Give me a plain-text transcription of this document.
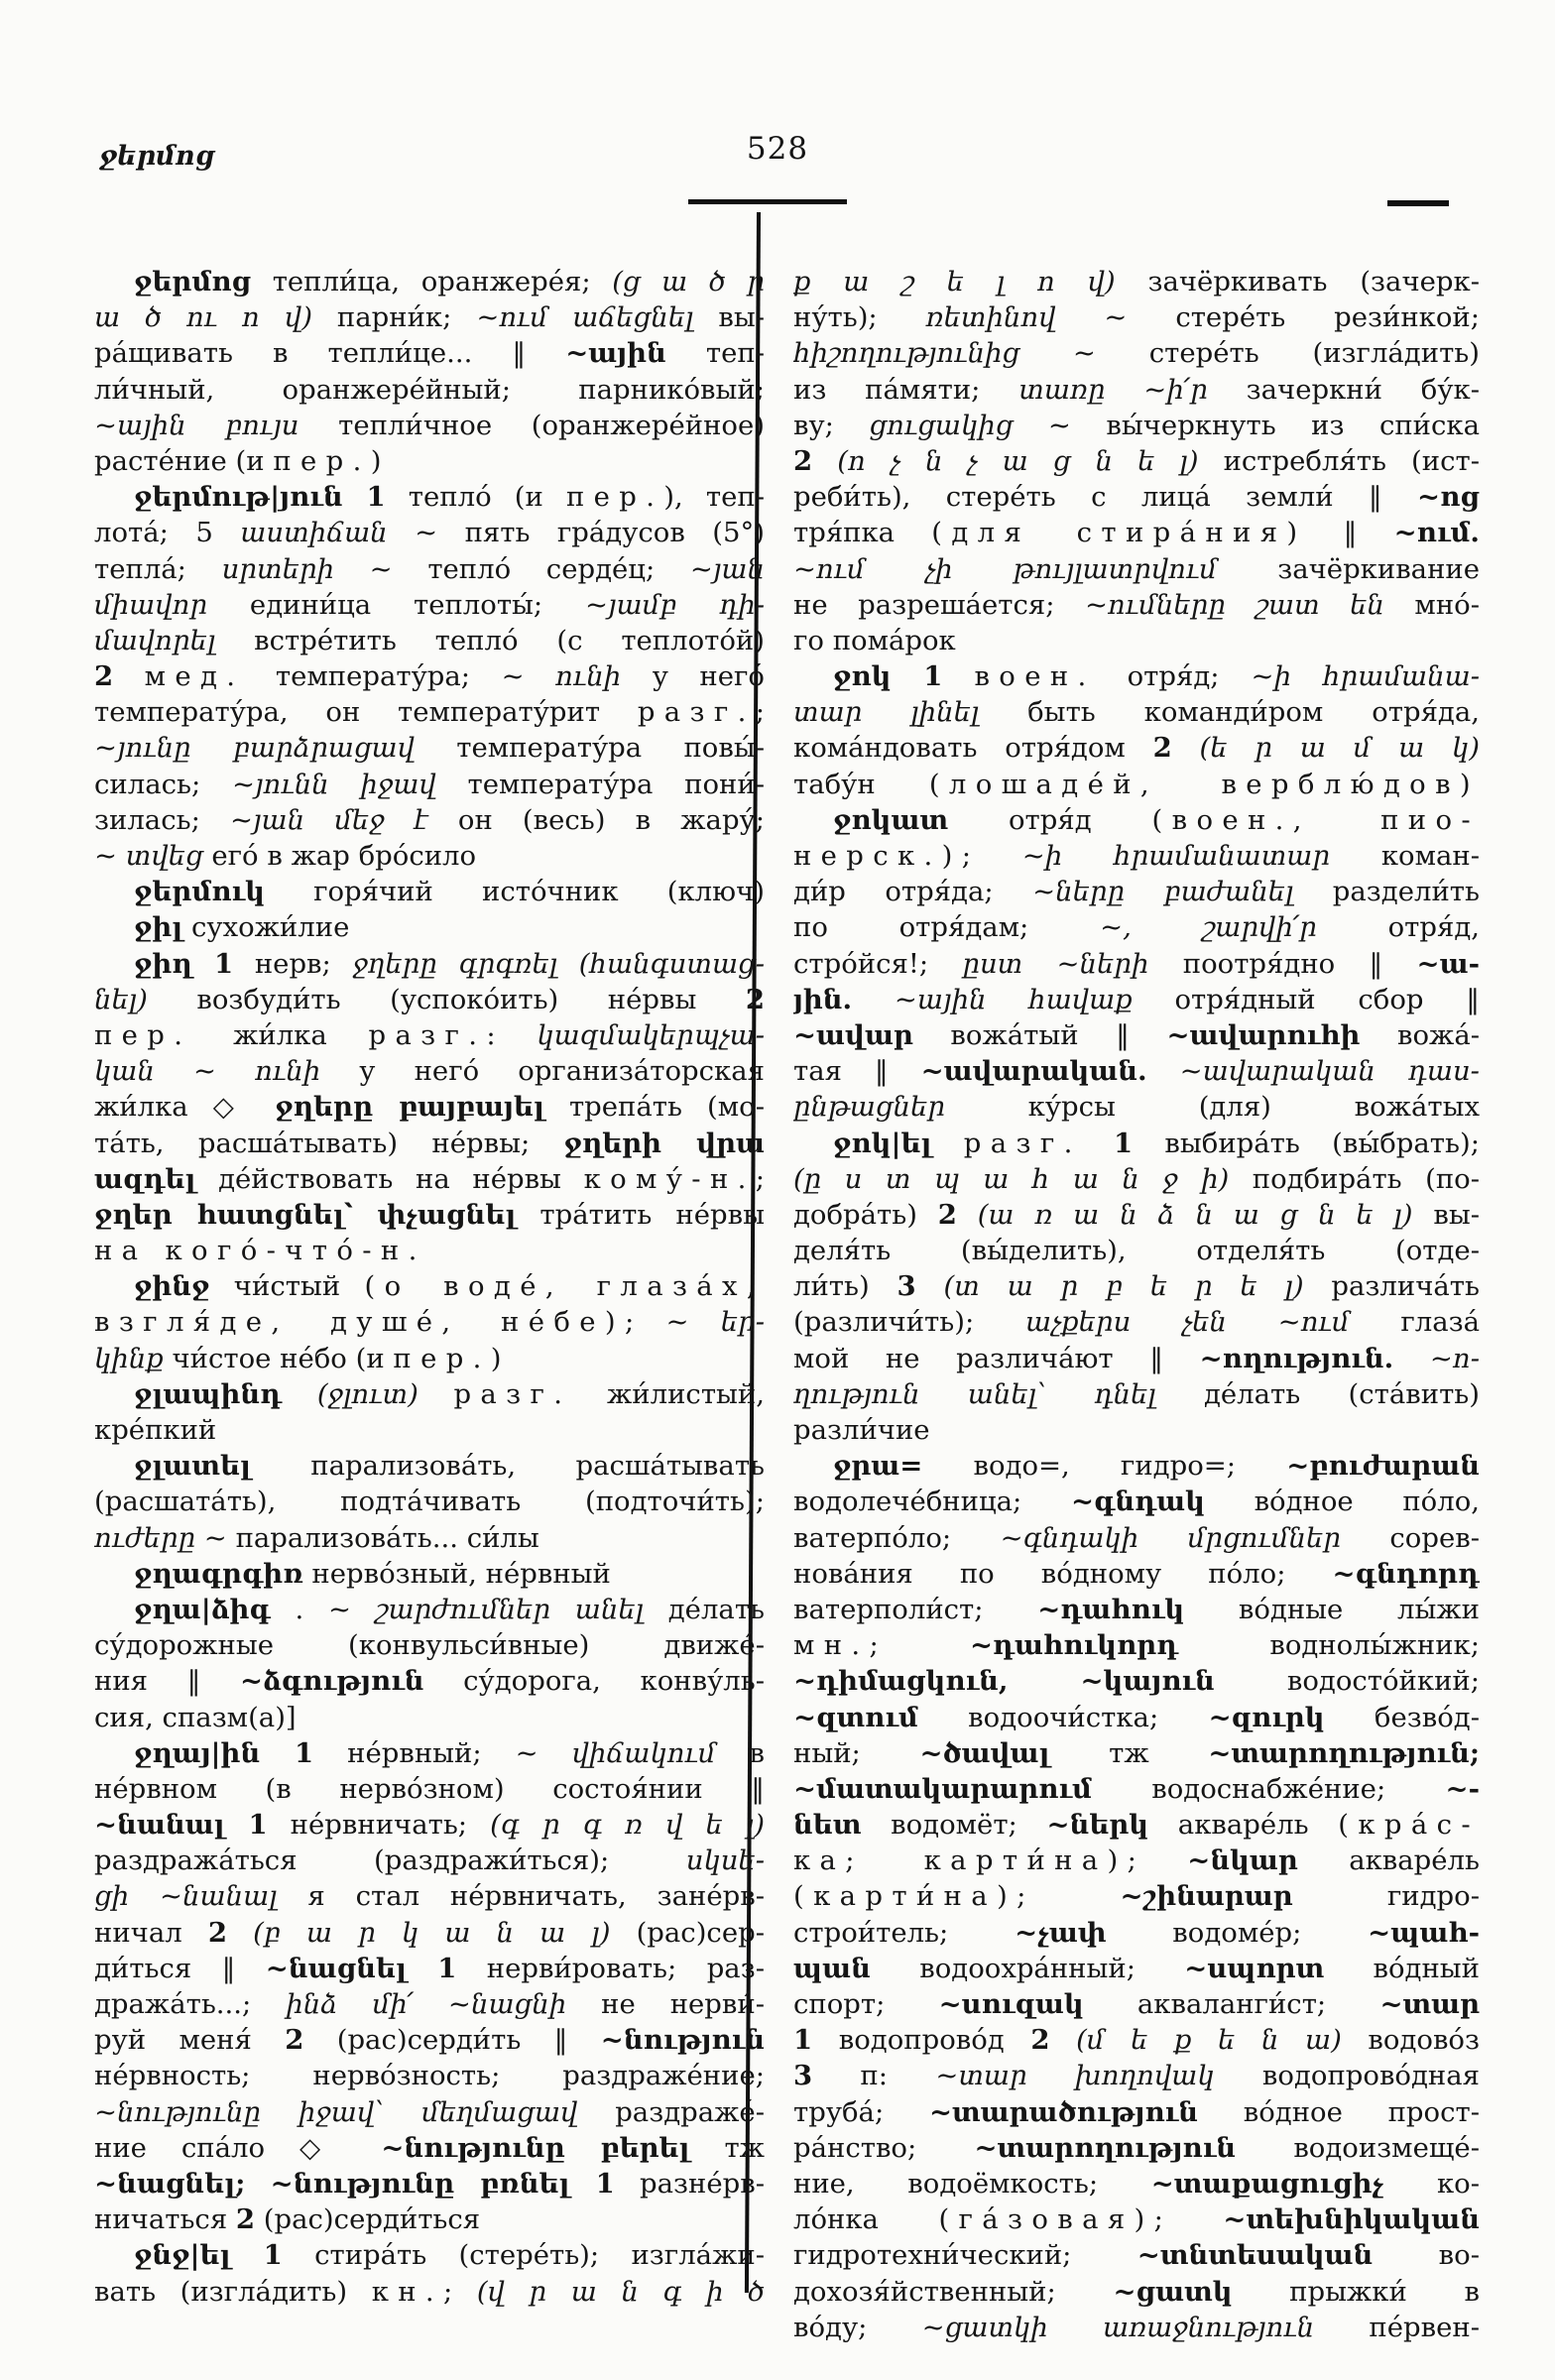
ջերմոց	528
ջերմոց тепли́ца, оранжере́я; (ց ա ծ ր
ա ծ ու ո վ) парни́к; ~ում աճեցնել вы-
ра́щивать в тепли́це... ‖ ~ային теп-
ли́чный, оранжере́йный; парнико́вый;
~ային բույս тепли́чное (оранжере́йное)
расте́ние (и пер.)
ջերմութ|յուն 1 тепло́ (и пер.), теп-
лота́; 5 աստիճան ~ пять гра́дусов (5°)
тепла́; սրտերի ~ тепло́ серде́ц; ~յան
միավոր едини́ца теплоты́; ~յամբ դի-
մավորել встре́тить тепло́ (с теплото́й)
2 мед. температу́ра; ~ ունի у него́
температу́ра, он температу́рит разг.;
~յունը բարձրացավ температу́ра повы́-
силась; ~յունն իջավ температу́ра пони́-
зилась; ~յան մեջ է он (весь) в жару́;
~ տվեց его́ в жар бро́сило
ջերմուկ горя́чий исто́чник (ключ)
ջիլ сухожи́лие
ջիղ 1 нерв; ջղերը գրգռել (հանգստաց-
նել) возбуди́ть (успоко́ить) не́рвы 2
пер. жи́лка разг.: կազմակերպչա-
կան ~ ունի у него́ организа́торская
жи́лка ◇ ջղերը բայբայել трепа́ть (мо-
та́ть, расша́тывать) не́рвы; ջղերի վրա
ազդել де́йствовать на не́рвы кому́-н.;
ջղեր հատցնել՝ փչացնել тра́тить не́рвы
на кого́-что́-н.
ջինջ чи́стый (о воде́, глаза́х,
взгля́де, душе́, не́бе); ~ եր-
կինք чи́стое не́бо (и пер.)
ջլապինդ (ջլուտ) разг. жи́листый,
кре́пкий
ջլատել парализова́ть, расша́тывать
(расшата́ть), подта́чивать (подточи́ть);
ուժերը ~ парализова́ть... си́лы
ջղագրգիռ нерво́зный, не́рвный
ջղա|ձիգ . ~ շարժումներ անել де́лать
су́дорожные (конвульси́вные) движе́-
ния ‖ ~ձգություն су́дорога, конву́ль-
сия, спазм(а)]
ջղայ|ին 1 не́рвный; ~ վիճակում в
не́рвном (в нерво́зном) состоя́нии ‖
~նանալ 1 не́рвничать; (գ ր գ ռ վ ե լ)
раздража́ться (раздражи́ться); սկսե-
ցի ~նանալ я стал не́рвничать, зане́рв-
ничал 2 (բ ա ր կ ա ն ա լ) (рас)сер-
ди́ться ‖ ~նացնել 1 нерви́ровать; раз-
дража́ть...; ինձ մի՛ ~նացնի не нерви́-
руй меня́ 2 (рас)серди́ть ‖ ~նություն
не́рвность; нерво́зность; раздраже́ние;
~նությունը իջավ՝ մեղմացավ раздраже́-
ние спа́ло ◇ ~նությունը բերել тж
~նացնել; ~նությունը բռնել 1 разне́рв-
ничаться 2 (рас)серди́ться
ջնջ|ել 1 стира́ть (стере́ть); изгла́жи-
вать (изгла́дить) кн.; (վ ր ա ն գ ի ծ
ք ա շ ե լ ո վ) зачёркивать (зачерк-
ну́ть); ռետինով ~ стере́ть рези́нкой;
հիշողությունից ~ стере́ть (изгла́дить)
из па́мяти; տառը ~ի՛ր зачеркни́ бу́к-
ву; ցուցակից ~ вы́черкнуть из спи́ска
2 (ո չ ն չ ա ց ն ե լ) истребля́ть (ист-
реби́ть), стере́ть с лица́ земли́ ‖ ~ոց
тря́пка (для стира́ния) ‖ ~ում.
~ում չի թույլատրվում зачёркивание
не разреша́ется; ~ումները շատ են мно́-
го пома́рок
ջոկ 1 воен. отря́д; ~ի հրամանա-
տար լինել быть команди́ром отря́да,
кома́ндовать отря́дом 2 (ե ր ա մ ա կ)
табу́н (лошаде́й, верблю́дов)
ջոկատ отря́д (воен., пио-
нерск.); ~ի հրամանատար коман-
ди́р отря́да; ~ները բաժանել раздели́ть
по отря́дам; ~, շարվի՛ր отря́д,
стро́йся!; ըստ ~ների поотря́дно ‖ ~ա-
յին. ~ային հավաք отря́дный сбор ‖
~ավար вожа́тый ‖ ~ավարուհի вожа́-
тая ‖ ~ավարական. ~ավարական դաս-
ընթացներ ку́рсы (для) вожа́тых
ջոկ|ել разг. 1 выбира́ть (вы́брать);
(ը ս տ պ ա հ ա ն ջ ի) подбира́ть (по-
добра́ть) 2 (ա ռ ա ն ձ ն ա ց ն ե լ) вы-
деля́ть (вы́делить), отделя́ть (отде-
ли́ть) 3 (տ ա ր բ ե ր ե լ) различа́ть
(различи́ть); աչքերս չեն ~ում глаза́
мой не различа́ют ‖ ~ողություն. ~ո-
ղություն անել՝ դնել де́лать (ста́вить)
разли́чие
ջրա= водо=, гидро=; ~բուժարան
водолече́бница; ~գնդակ во́дное по́ло,
ватерпо́ло; ~գնդակի մրցումներ сорев-
нова́ния по во́дному по́ло; ~գնդորդ
ватерполи́ст; ~դահուկ во́дные лы́жи
мн.; ~դահուկորդ воднолы́жник;
~դիմացկուն,	~կայուն водосто́йкий;
~զտում водоочи́стка; ~զուրկ безво́д-
ный; ~ծավալ тж ~տարողություն;
~մատակարարում водоснабже́ние; ~-
նետ водомёт; ~ներկ акваре́ль (кра́с-
ка; карти́на); ~նկար акваре́ль
(карти́на); ~շինարար гидро-
строи́тель; ~չափ водоме́р; ~պահ-
պան водоохра́нный; ~սպորտ во́дный
спорт; ~սուզակ акваланги́ст; ~տար
1 водопрово́д 2 (մ ե ք ե ն ա) водово́з
3 п: ~տար խողովակ водопрово́дная
труба́; ~տարածություն во́дное прост-
ра́нство; ~տարողություն водоизмеще́-
ние, водоёмкость; ~տաքացուցիչ ко-
ло́нка (га́зовая); ~տեխնիկական
гидротехни́ческий; ~տնտեսական во-
дохозя́йственный; ~ցատկ прыжки́ в
во́ду; ~ցատկի առաջնություն пе́рвен-
